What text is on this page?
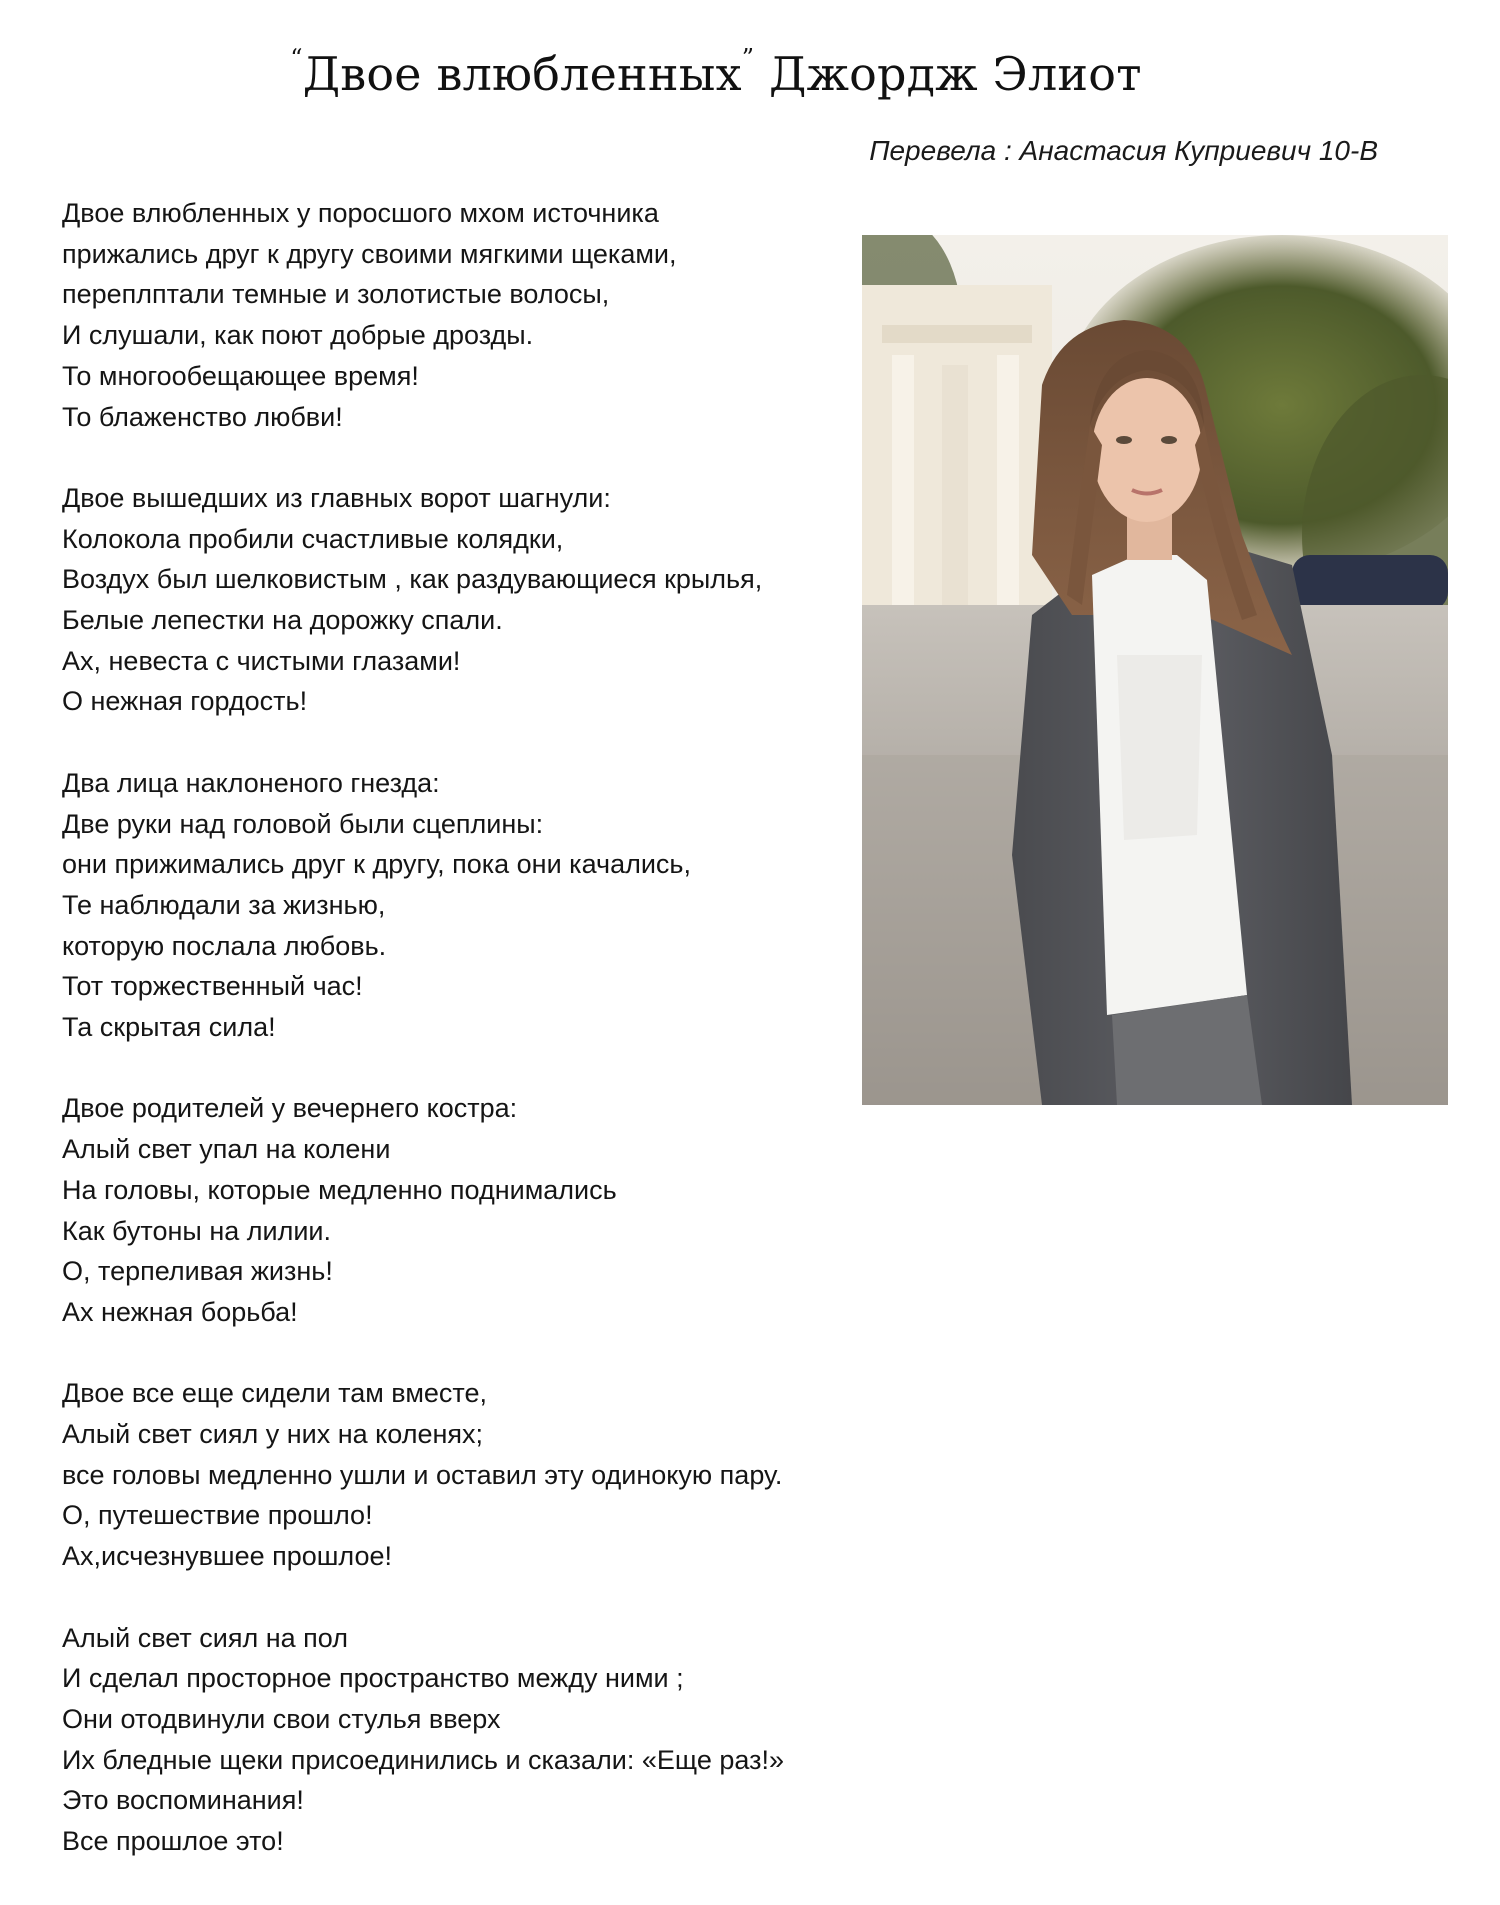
“Двое влюбленных” Джордж Элиот
Перевела : Анастасия Куприевич 10-В
Двое влюбленных у поросшого мхом источника
прижались друг к другу своими мягкими щеками,
переплптали темные и золотистые волосы,
И слушали, как поют добрые дрозды.
То многообещающее время!
То блаженство любви!
Двое вышедших из главных ворот шагнули:
Колокола пробили счастливые колядки,
Воздух был шелковистым , как раздувающиеся крылья,
Белые лепестки на дорожку спали.
Ах, невеста с чистыми глазами!
О нежная гордость!
Два лица наклоненого гнезда:
Две руки над головой были сцеплины:
они прижимались друг к другу, пока они качались,
Те наблюдали за жизнью,
которую послала любовь.
Тот торжественный час!
Та скрытая сила!
Двое родителей у вечернего костра:
Алый свет упал на колени
На головы, которые медленно поднимались
Как бутоны на лилии.
О, терпеливая жизнь!
Ах нежная борьба!
Двое все еще сидели там вместе,
Алый свет сиял у них на коленях;
все головы медленно ушли и оставил эту одинокую пару.
О, путешествие прошло!
Ах,исчезнувшее прошлое!
Алый свет сиял на пол
И сделал просторное пространство между ними ;
Они отодвинули свои стулья вверх
Их бледные щеки присоединились и сказали: «Еще раз!»
Это воспоминания!
Все прошлое это!
